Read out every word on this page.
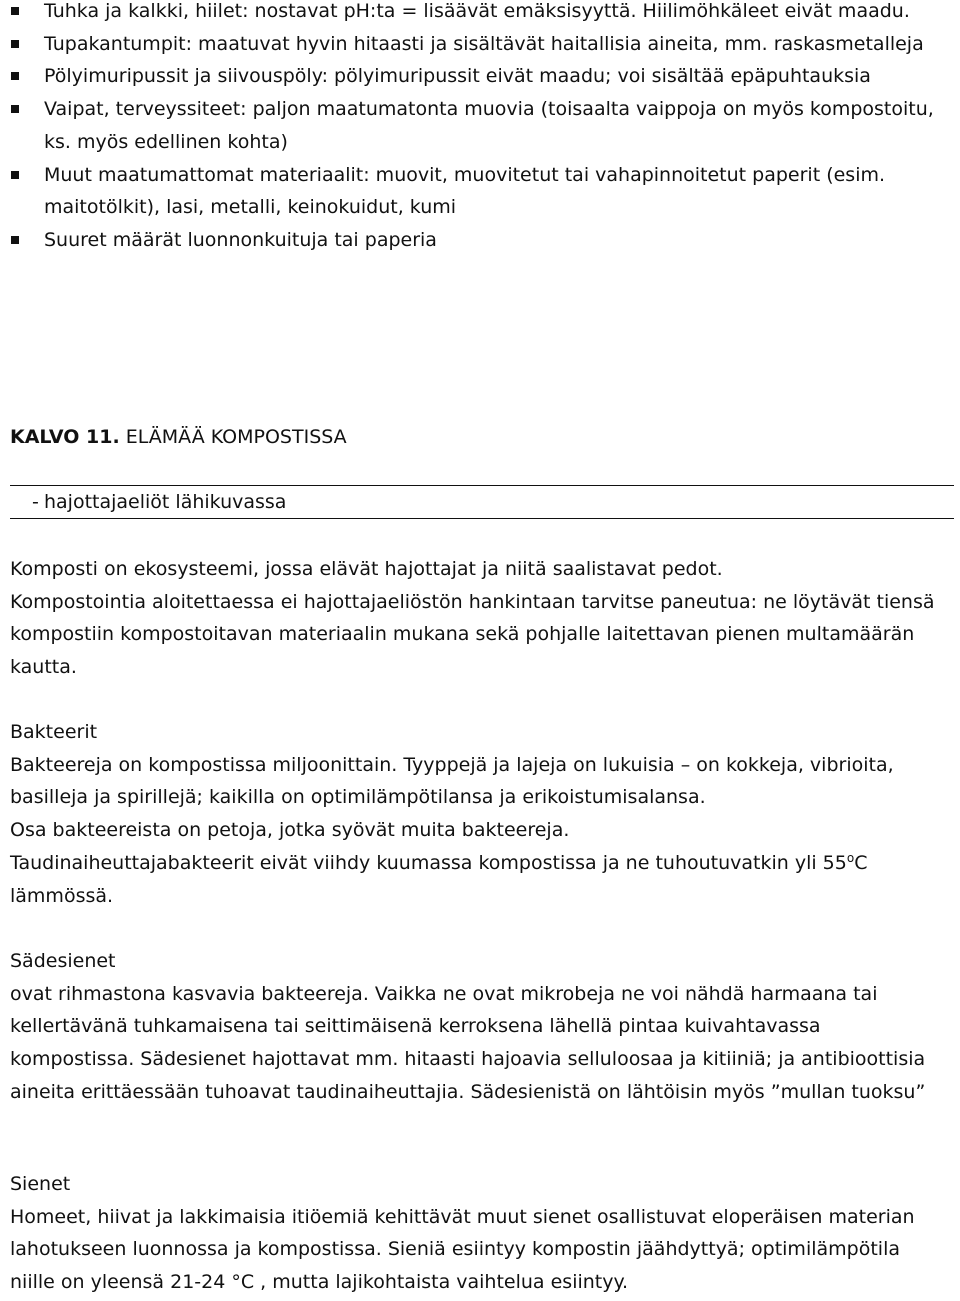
Tuhka ja kalkki, hiilet: nostavat pH:ta = lisäävät emäksisyyttä. Hiilimöhkäleet eivät maadu.
Tupakantumpit: maatuvat hyvin hitaasti ja sisältävät haitallisia aineita, mm. raskasmetalleja
Pölyimuripussit ja siivouspöly: pölyimuripussit eivät maadu; voi sisältää epäpuhtauksia
Vaipat, terveyssiteet: paljon maatumatonta muovia (toisaalta vaippoja on myös kompostoitu, ks. myös edellinen kohta)
Muut maatumattomat materiaalit: muovit, muovitetut tai vahapinnoitetut paperit (esim. maitotölkit), lasi, metalli, keinokuidut, kumi
Suuret määrät luonnonkuituja tai paperia
KALVO 11. ELÄMÄÄ KOMPOSTISSA
- hajottajaeliöt lähikuvassa

Komposti on ekosysteemi, jossa elävät hajottajat ja niitä saalistavat pedot.

Kompostointia aloitettaessa ei hajottajaeliöstön hankintaan tarvitse paneutua: ne löytävät tiensä kompostiin kompostoitavan materiaalin mukana sekä pohjalle laitettavan pienen multamäärän kautta.

Bakteerit

Bakteereja on kompostissa miljoonittain. Tyyppejä ja lajeja on lukuisia – on kokkeja, vibrioita, basilleja ja spirillejä; kaikilla on optimilämpötilansa ja erikoistumisalansa.

Osa bakteereista on petoja, jotka syövät muita bakteereja.

Taudinaiheuttajabakteerit eivät viihdy kuumassa kompostissa ja ne tuhoutuvatkin yli 55$^o$C lämmössä.

Sädesienet

ovat rihmastona kasvavia bakteereja. Vaikka ne ovat mikrobeja ne voi nähdä harmaana tai kellertävänä tuhkamaisena tai seittimäisenä kerroksena lähellä pintaa kuivahtavassa kompostissa. Sädesienet hajottavat mm. hitaasti hajoavia selluloosaa ja kitiiniä; ja antibioottisia aineita erittäessään tuhoavat taudinaiheuttajia. Sädesienistä on lähtöisin myös ”mullan tuoksu”

Sienet

Homeet, hiivat ja lakkimaisia itiöemiä kehittävät muut sienet osallistuvat eloperäisen materian lahotukseen luonnossa ja kompostissa. Sieniä esiintyy kompostin jäähdyttyä; optimilämpötila niille on yleensä 21-24 °C , mutta lajikohtaista vaihtelua esiintyy.
